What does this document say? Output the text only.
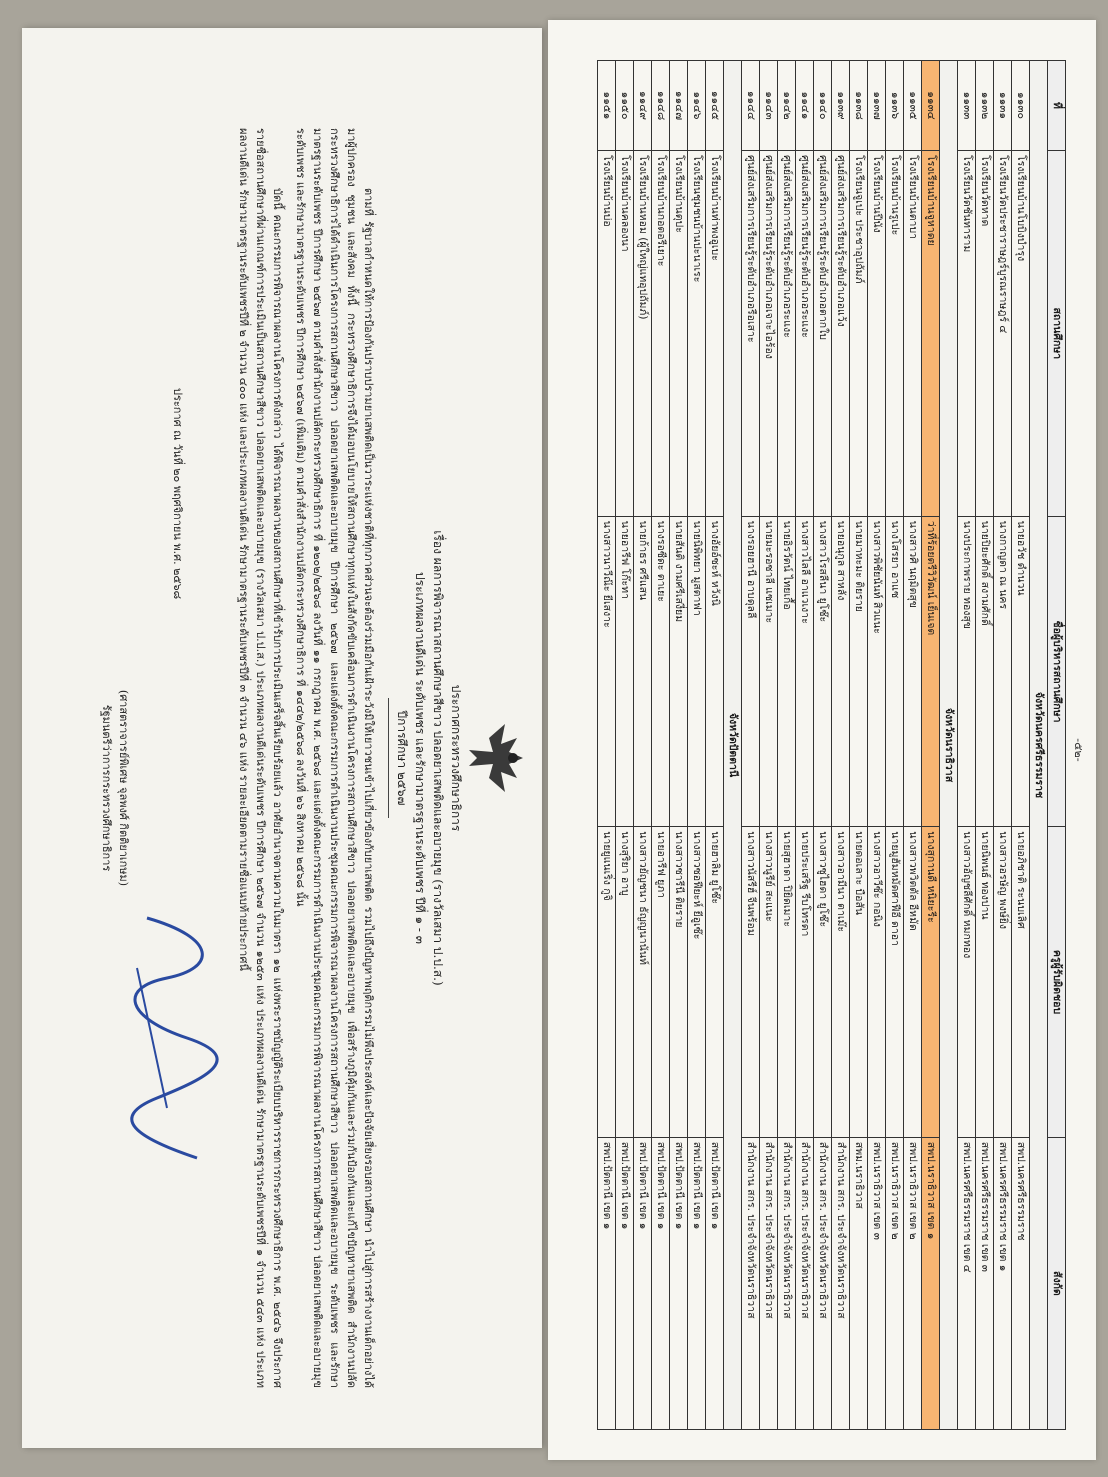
ประกาศกระทรวงศึกษาธิการ
เรื่อง ผลการพิจารณาสถานศึกษาสีขาว ปลอดยาเสพติดและอบายมุข (รางวัลเสมา ป.ป.ส.)
ประเภทผลงานดีเด่น ระดับเพชร และรักษามาตรฐานระดับเพชร ปีที่ ๑ - ๓
ปีการศึกษา ๒๕๖๗

ตามที่ รัฐบาลกำหนดให้การป้องกันปราบปรามยาเสพติดเป็นวาระแห่งชาติที่ทุกภาคส่วนจะต้องร่วมมือกันเฝ้าระวังมิให้เยาวชนเข้าไปเกี่ยวข้องกับยาเสพติด รวมไปถึงปัญหาพฤติกรรมไม่พึงประสงค์และปัจจัยเสี่ยงรอบสถานศึกษา นำไปสู่การสร้างงานเด็กอย่างได้มาผู้ปกครอง ชุมชน และสังคม ทั้งนี้ กระทรวงศึกษาธิการจึงได้มอบนโยบายให้สถานศึกษาทุกแห่งในสังกัดขับเคลื่อนการดำเนินงานโครงการสถานศึกษาสีขาว ปลอดยาเสพติดและอบายมุข เพื่อสร้างภูมิคุ้มกันและร่วมกันป้องกันและแก้ไขปัญหายาเสพติด สำนักงานปลัดกระทรวงศึกษาธิการได้ดำเนินการโครงการสถานศึกษาสีขาว ปลอดยาเสพติดและอบายมุข ปีการศึกษา ๒๕๖๗ และแต่งตั้งคณะกรรมการดำเนินงานประชุมคณะกรรมการพิจารณาผลงานโครงการสถานศึกษาสีขาว ปลอดยาเสพติดและอบายมุข ระดับเพชร และรักษามาตรฐานระดับเพชร ปีการศึกษา ๒๕๖๗ ตามคำสั่งสำนักงานปลัดกระทรวงศึกษาธิการ ที่ ๑๒๐๒/๒๕๖๘ ลงวันที่ ๑๑ กรกฎาคม พ.ศ. ๒๕๖๘ และแต่งตั้งคณะกรรมการดำเนินงานประชุมคณะกรรมการพิจารณาผลงานโครงการสถานศึกษาสีขาว ปลอดยาเสพติดและอบายมุข ระดับเพชร และรักษามาตรฐานระดับเพชร ปีการศึกษา ๒๕๖๗ (เพิ่มเติม) ตามคำสั่งสำนักงานปลัดกระทรวงศึกษาธิการ ที่ ๑๔๔๒/๒๕๖๘ ลงวันที่ ๒๖ สิงหาคม ๒๕๖๘ นั้น

บัดนี้ คณะกรรมการพิจารณาผลงานโครงการดังกล่าว ได้พิจารณาผลงานของสถานศึกษาที่เข้ารับการประเมินเสร็จสิ้นเรียบร้อยแล้ว อาศัยอำนาจตามความในมาตรา ๑๒ แห่งพระราชบัญญัติระเบียบบริหารราชการกระทรวงศึกษาธิการ พ.ศ. ๒๕๔๖ จึงประกาศรายชื่อสถานศึกษาที่ผ่านเกณฑ์การประเมินเป็นสถานศึกษาสีขาว ปลอดยาเสพติดและอบายมุข (รางวัลเสมา ป.ป.ส.) ประเภทผลงานดีเด่นระดับเพชร ปีการศึกษา ๒๕๖๗ จำนวน ๑๒๕๓ แห่ง ประเภทผลงานดีเด่น รักษามาตรฐานระดับเพชรปีที่ ๑ จำนวน ๕๔๓ แห่ง ประเภทผลงานดีเด่น รักษามาตรฐานระดับเพชรปีที่ ๒ จำนวน ๔๐๐ แห่ง และประเภทผลงานดีเด่น รักษามาตรฐานระดับเพชรปีที่ ๓ จำนวน ๔๖ แห่ง รายละเอียดตามรายชื่อแนบท้ายประกาศนี้

ประกาศ ณ วันที่ ๒๐ พฤศจิกายน พ.ศ. ๒๕๖๘
(ศาสตราจารย์พิเศษ จุลพงศ์ กิตติยาเกษม)
รัฐมนตรีว่าการกระทรวงศึกษาธิการ	-๕๒-
ที่	สถานศึกษา	ชื่อผู้บริหารสถานศึกษา	ครูผู้รับผิดชอบ	สังกัด
จังหวัดนครศรีธรรมราช				
๑๑๓๐	โรงเรียนบ้านโบบิงบำรุง	นายอวัช ดำนวน	นายอภิชาติ ระนบเลิศ	สพป.นครศรีธรรมราช
๑๑๓๑	โรงเรียนวัดประชาราษฎร์บูรณราษฎร์ ๔	นางกาญดา ณ นคร	นางสาวอรษัญ พงษ์ยิ่ง	สพป.นครศรีธรรมราช เขต ๑
๑๑๓๒	โรงเรียนวัดหาด	นายปิยะศักดิ์ สงามศักดิ์	นายนิพนธ์ ทองปาน	สพป.นครศรีธรรมราช เขต ๓
๑๑๓๓	โรงเรียนวัดชันทาราม	นางประกาพราย ทองสุข	นางสาวอัญชลีศักดิ์ หมกทอง	สพป.นครศรีธรรมราช เขต ๔
จังหวัดนราธิวาส				
๑๑๓๔	โรงเรียนบ้านจูหาดย	ว่าที่ร้อยตรีวิวัฒน์ เย็นเจต	นางสุกานดี หนิยะรีะ	สพป.นราธิวาส เขต ๑
๑๑๓๕	โรงเรียนบ้านตาบา	นางสาวศิ นฤมิตสุข	นางสาวพวิตตัล อีหมัด	สพป.นราธิวาส เขต ๒
๑๑๓๖	โรงเรียนบ้านรูเปะ	นางโสรยา อาแซ	นายมูฮัมหมัดศาฟีอี ดาอา	สพป.นราธิวาส เขต ๒
๑๑๓๗	โรงเรียนบ้านปีนัง	นางสาวพิชัยนันท์ สิวแนะ	นางสาวอาวีซ๊ะ กอนิง	สพป.นราธิวาส เขต ๓
๑๑๓๘	โรงเรียนจูเปะ ประชาอุปถัมภ์	นายมาหะมะ ติยราย	นายดอเลาะ บือสัน	สพม.นราธิวาส
๑๑๓๙	ศูนย์ส่งเสริมการเรียนรู้ระดับอำเภอแว้ง	นายอนุกูล สาหลัง	นางสาวอามีนา ตาเม๊ะ	สำนักงาน สกร. ประจำจังหวัดนราธิวาส
๑๑๔๐	ศูนย์ส่งเสริมการเรียนรู้ระดับอำเภอตากใบ	นางสาวโรสลีนา ยูโซ๊ะ	นางสาวซูไฮดา ยูโซ๊ะ	สำนักงาน สกร. ประจำจังหวัดนราธิวาส
๑๑๔๑	ศูนย์ส่งเสริมการเรียนรู้ระดับอำเภอระแงะ	นางสาวไลลี อาแวเงาะ	นายประเสริฐ รีบโทรดา	สำนักงาน สกร. ประจำจังหวัดนราธิวาส
๑๑๔๒	ศูนย์ส่งเสริมการเรียนรู้ระดับอำเภอระแงะ	นายอิรวัตน์ ไทยเกื้อ	นายสุฮาดา ปิยิดเมาะ	สำนักงาน สกร. ประจำจังหวัดนราธิวาส
๑๑๔๓	ศูนย์ส่งเสริมการเรียนรู้ระดับอำเภอเจาะไอร้อง	นายมะรอซาลี แซเมาะ	นางสาวนูรีย์ สะแนะ	สำนักงาน สกร. ประจำจังหวัดนราธิวาส
๑๑๔๔	ศูนย์ส่งเสริมการเรียนรู้ระดับอำเภอรือเสาะ	นางรอยฮานี อาบดุลลี	นางสาวนัสรีฮ์ จีนพร้อม	สำนักงาน สกร. ประจำจังหวัดนราธิวาส
จังหวัดปัตตานี				
๑๑๔๕	โรงเรียนบ้านท่าพงอูเบะ	นางอัยอ์ซะห์ หวังนิ	นายฮาลิม ยูโซ๊ะ	สพป.ปัตตานี เขต ๑
๑๑๔๖	โรงเรียนชุมชนบ้านปะนาเระ	นายนิพิทยา มูสตาฟา	นางสาวซอฟียะห์ ยีอูเซ๊ะ	สพป.ปัตตานี เขต ๑
๑๑๔๗	โรงเรียนบ้านตุปะ	นายสันติ งามศรีเสงี่ยม	นางสาวซารีนี ติยราย	สพป.ปัตตานี เขต ๑
๑๑๔๘	โรงเรียนบ้านกอตอรีเยาะ	นางรอซีดะ ตาเยะ	นายอารีฟ ยูภา	สพป.ปัตตานี เขต ๑
๑๑๔๙	โรงเรียนบ้านหอม (ผู้ใหญ่แทอุปถัมภ์)	นายก้าธร ศรีแสน	นางสาวยัญชนา ธัญญนานันท์	สพป.ปัตตานี เขต ๑
๑๑๕๐	โรงเรียนบ้านคลองนา	นายอารีฟ โก๊ะทา	นางสุริยา อาบู	สพป.ปัตตานี เขต ๑
๑๑๕๑	โรงเรียนบ้านบ่อ	นางสาวนาวีณ๊ะ ยีเสงาะ	นายยูแนเริ่ง กูจิ	สพป.ปัตตานี เขต ๑
